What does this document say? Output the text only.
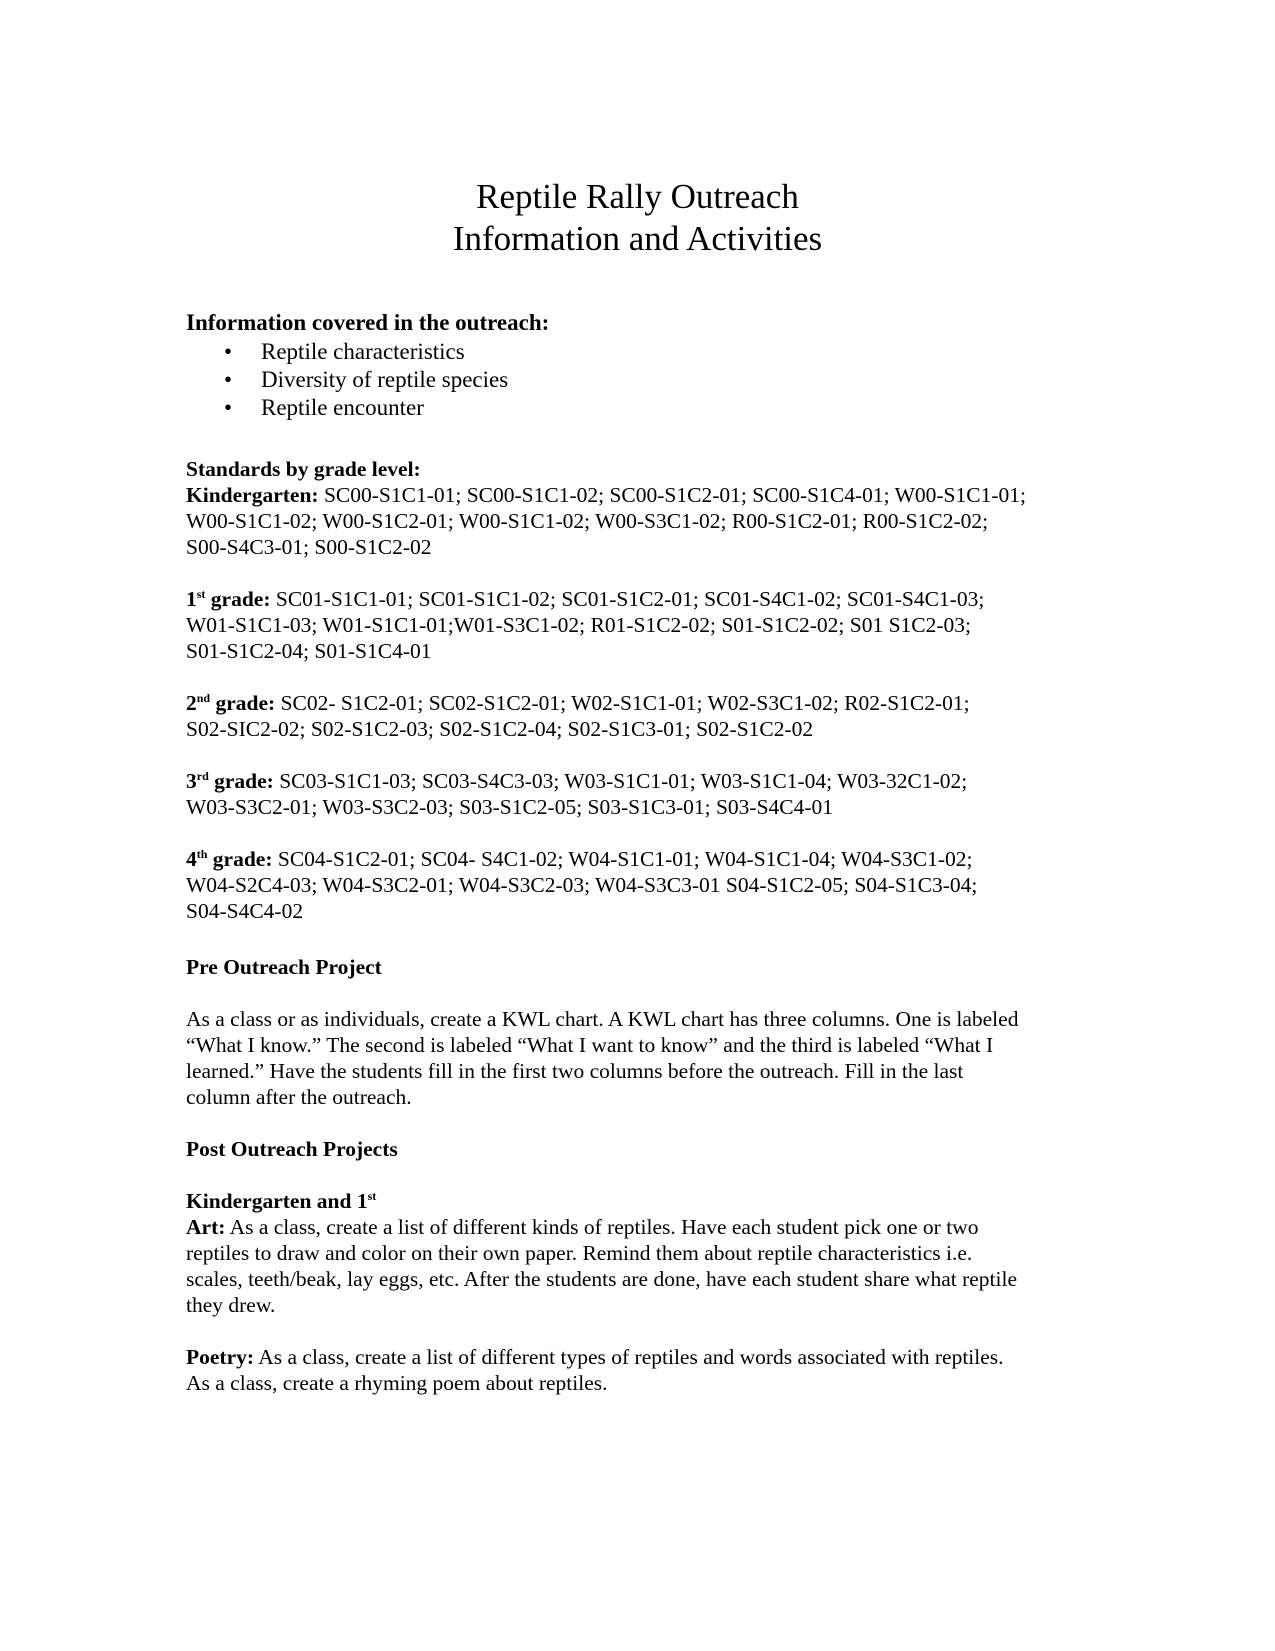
Reptile Rally Outreach
Information and Activities
Information covered in the outreach:
• Reptile characteristics
• Diversity of reptile species
• Reptile encounter
Standards by grade level:
Kindergarten: SC00-S1C1-01; SC00-S1C1-02; SC00-S1C2-01; SC00-S1C4-01; W00-S1C1-01;
W00-S1C1-02; W00-S1C2-01; W00-S1C1-02; W00-S3C1-02; R00-S1C2-01; R00-S1C2-02;
S00-S4C3-01; S00-S1C2-02
1st grade: SC01-S1C1-01; SC01-S1C1-02; SC01-S1C2-01; SC01-S4C1-02; SC01-S4C1-03;
W01-S1C1-03; W01-S1C1-01;W01-S3C1-02; R01-S1C2-02; S01-S1C2-02; S01 S1C2-03;
S01-S1C2-04; S01-S1C4-01
2nd grade: SC02- S1C2-01; SC02-S1C2-01; W02-S1C1-01; W02-S3C1-02; R02-S1C2-01;
S02-SIC2-02; S02-S1C2-03; S02-S1C2-04; S02-S1C3-01; S02-S1C2-02
3rd grade: SC03-S1C1-03; SC03-S4C3-03; W03-S1C1-01; W03-S1C1-04; W03-32C1-02;
W03-S3C2-01; W03-S3C2-03; S03-S1C2-05; S03-S1C3-01; S03-S4C4-01
4th grade: SC04-S1C2-01; SC04- S4C1-02; W04-S1C1-01; W04-S1C1-04; W04-S3C1-02;
W04-S2C4-03; W04-S3C2-01; W04-S3C2-03; W04-S3C3-01 S04-S1C2-05; S04-S1C3-04;
S04-S4C4-02
Pre Outreach Project
As a class or as individuals, create a KWL chart. A KWL chart has three columns. One is labeled
“What I know.” The second is labeled “What I want to know” and the third is labeled “What I
learned.” Have the students fill in the first two columns before the outreach. Fill in the last
column after the outreach.
Post Outreach Projects
Kindergarten and 1st
Art: As a class, create a list of different kinds of reptiles. Have each student pick one or two
reptiles to draw and color on their own paper. Remind them about reptile characteristics i.e.
scales, teeth/beak, lay eggs, etc. After the students are done, have each student share what reptile
they drew.
Poetry: As a class, create a list of different types of reptiles and words associated with reptiles.
As a class, create a rhyming poem about reptiles.
